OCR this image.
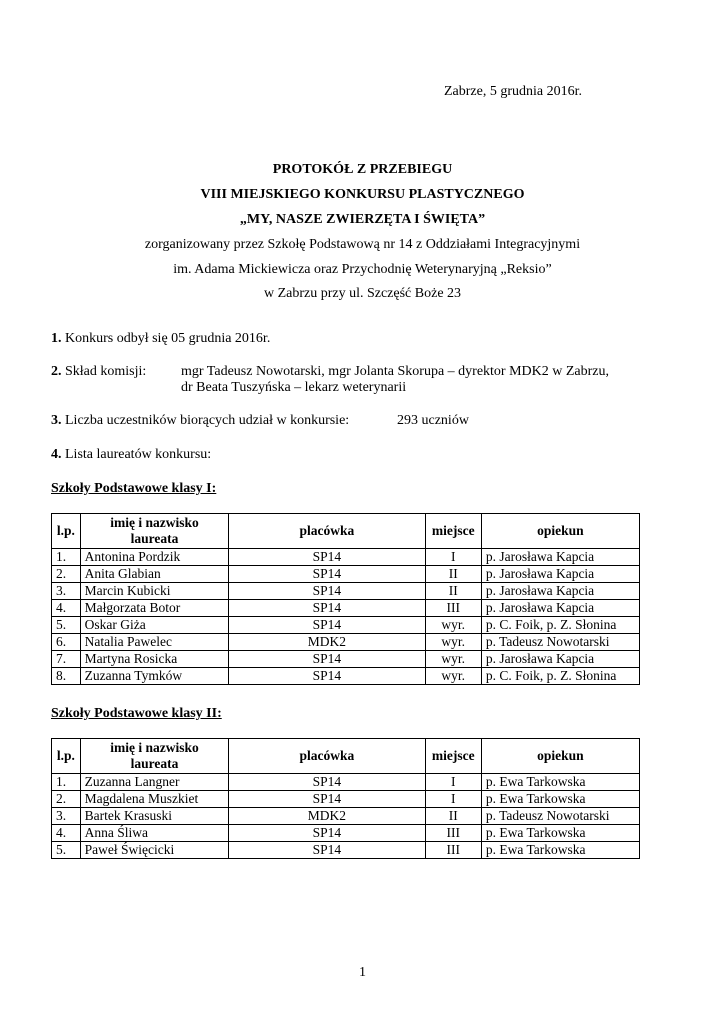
Zabrze, 5 grudnia 2016r.
PROTOKÓŁ Z PRZEBIEGU
VIII MIEJSKIEGO KONKURSU PLASTYCZNEGO
„MY, NASZE ZWIERZĘTA I ŚWIĘTA”
zorganizowany przez Szkołę Podstawową nr 14 z Oddziałami Integracyjnymi
im. Adama Mickiewicza oraz Przychodnię Weterynaryjną „Reksio”
w Zabrzu przy ul. Szczęść Boże 23
1. Konkurs odbył się 05 grudnia 2016r.
2. Skład komisji: mgr Tadeusz Nowotarski, mgr Jolanta Skorupa – dyrektor MDK2 w Zabrzu,
dr Beata Tuszyńska – lekarz weterynarii
3. Liczba uczestników biorących udział w konkursie:	293 uczniów
4. Lista laureatów konkursu:
Szkoły Podstawowe klasy I:
l.p.	imię i nazwisko laureata	placówka	miejsce	opiekun
1.	Antonina Pordzik	SP14	I	p. Jarosława Kapcia
2.	Anita Glabian	SP14	II	p. Jarosława Kapcia
3.	Marcin Kubicki	SP14	II	p. Jarosława Kapcia
4.	Małgorzata Botor	SP14	III	p. Jarosława Kapcia
5.	Oskar Giża	SP14	wyr.	p. C. Foik, p. Z. Słonina
6.	Natalia Pawelec	MDK2	wyr.	p. Tadeusz Nowotarski
7.	Martyna Rosicka	SP14	wyr.	p. Jarosława Kapcia
8.	Zuzanna Tymków	SP14	wyr.	p. C. Foik, p. Z. Słonina
Szkoły Podstawowe klasy II:
l.p.	imię i nazwisko laureata	placówka	miejsce	opiekun
1.	Zuzanna Langner	SP14	I	p. Ewa Tarkowska
2.	Magdalena Muszkiet	SP14	I	p. Ewa Tarkowska
3.	Bartek Krasuski	MDK2	II	p. Tadeusz Nowotarski
4.	Anna Śliwa	SP14	III	p. Ewa Tarkowska
5.	Paweł Święcicki	SP14	III	p. Ewa Tarkowska
1
